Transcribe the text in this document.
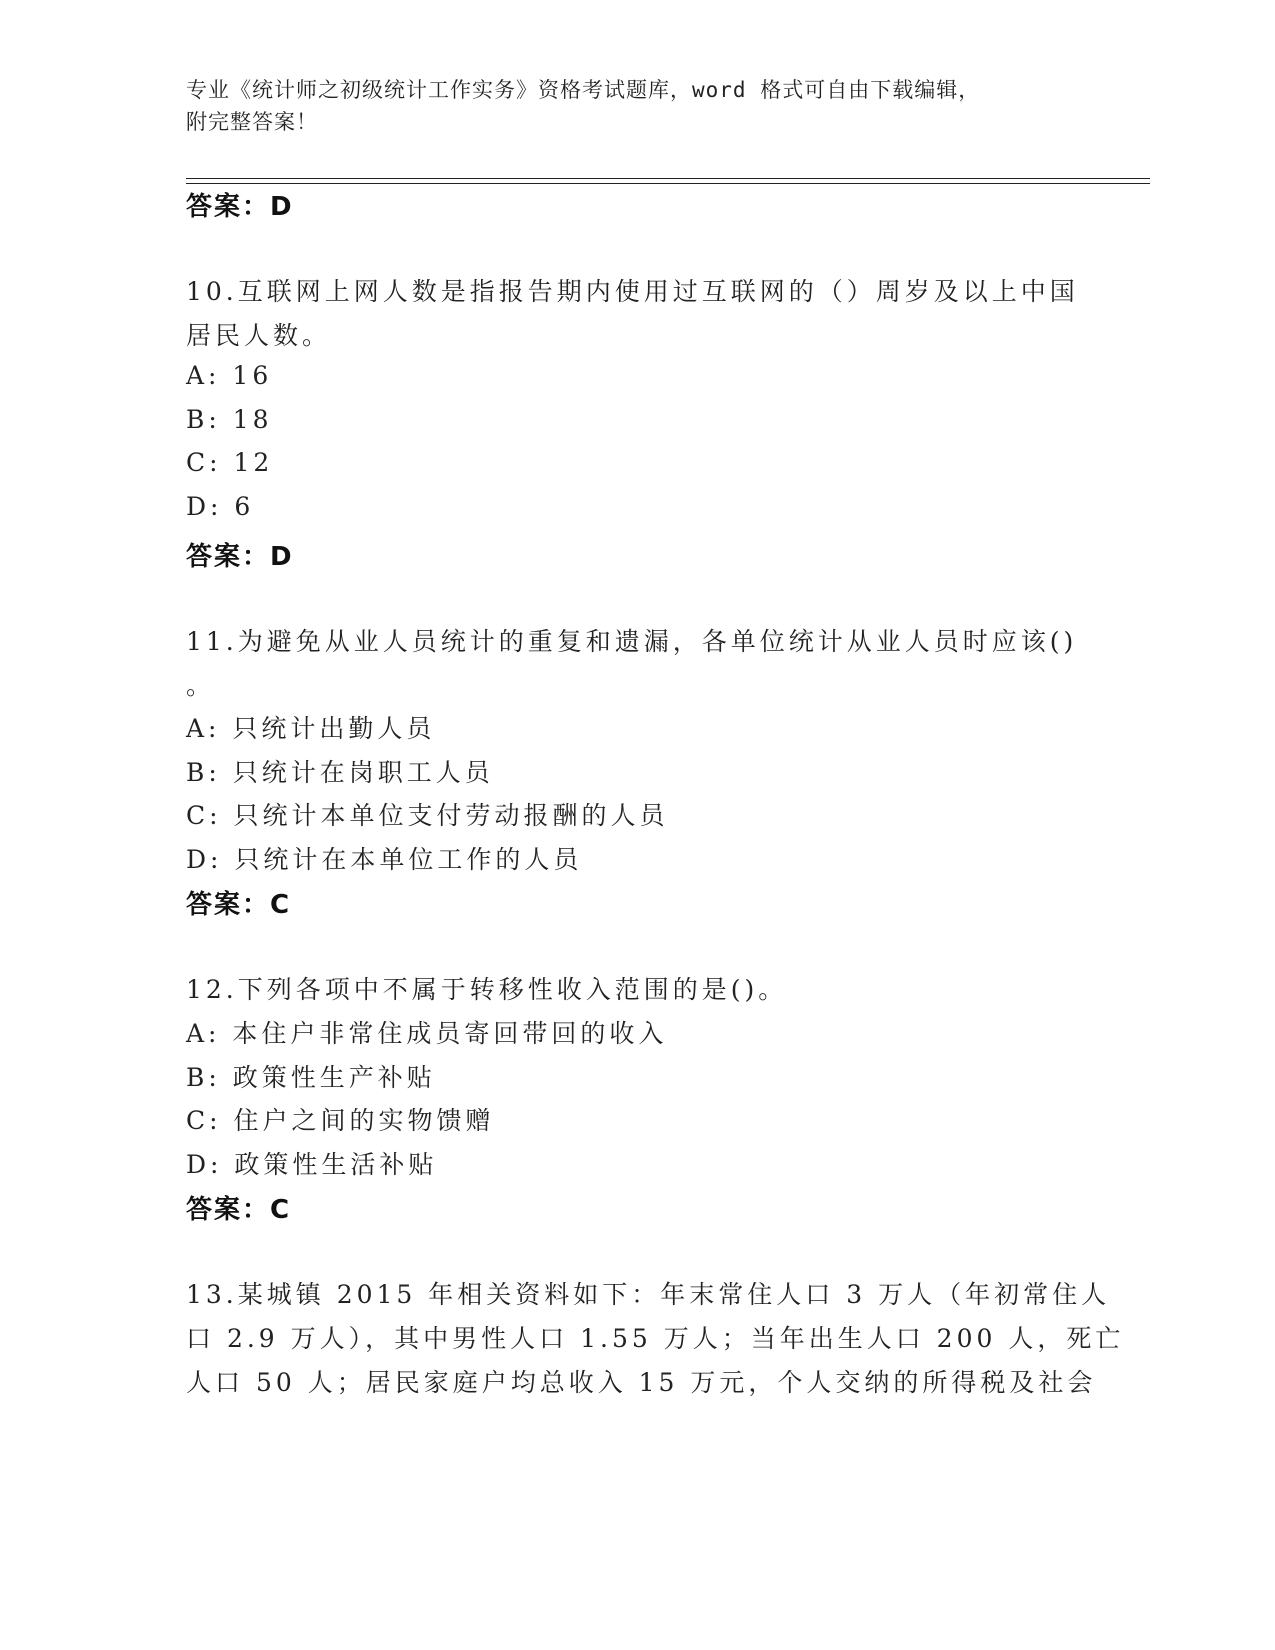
专业《统计师之初级统计工作实务》资格考试题库，word 格式可自由下载编辑，
附完整答案！
答案：D
10.互联网上网人数是指报告期内使用过互联网的（）周岁及以上中国
居民人数。
A: 16
B: 18
C: 12
D: 6
答案：D
11.为避免从业人员统计的重复和遗漏，各单位统计从业人员时应该()
。
A: 只统计出勤人员
B: 只统计在岗职工人员
C: 只统计本单位支付劳动报酬的人员
D: 只统计在本单位工作的人员
答案：C
12.下列各项中不属于转移性收入范围的是()。
A: 本住户非常住成员寄回带回的收入
B: 政策性生产补贴
C: 住户之间的实物馈赠
D: 政策性生活补贴
答案：C
13.某城镇 2015 年相关资料如下：年末常住人口 3 万人（年初常住人
口 2.9 万人），其中男性人口 1.55 万人；当年出生人口 200 人，死亡
人口 50 人；居民家庭户均总收入 15 万元，个人交纳的所得税及社会
